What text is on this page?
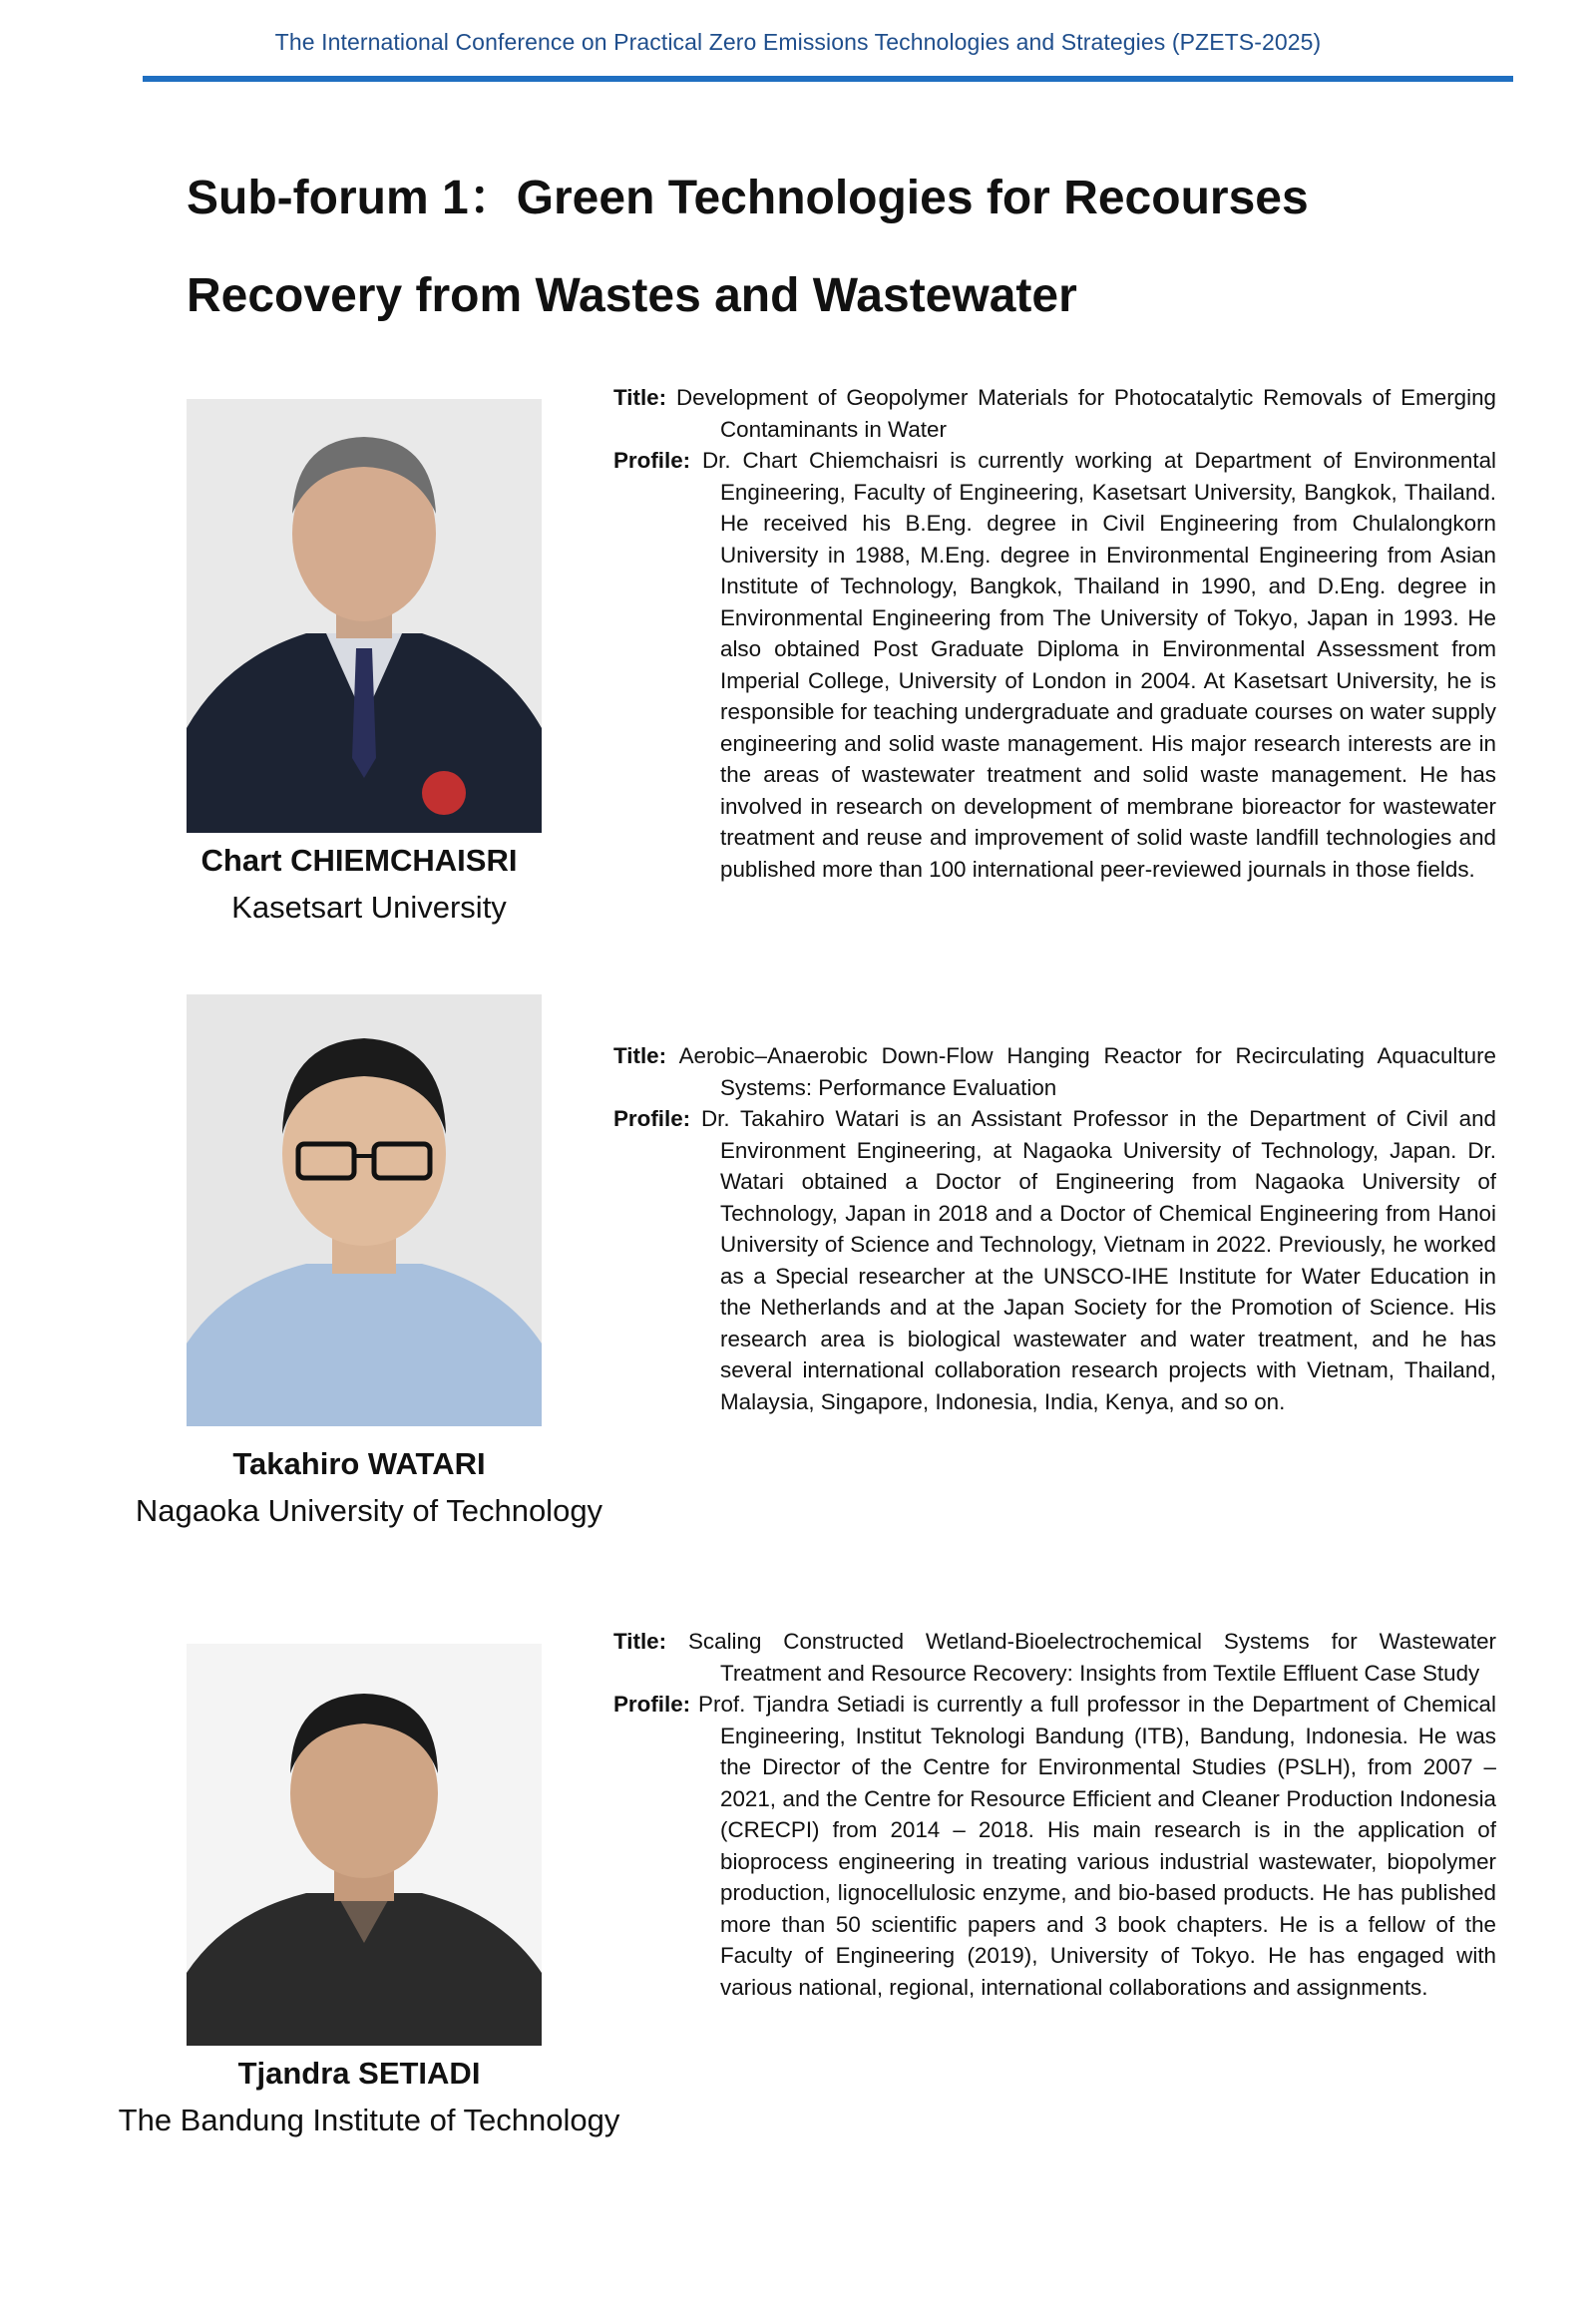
The International Conference on Practical Zero Emissions Technologies and Strategies (PZETS-2025)
Sub-forum 1：Green Technologies for Recourses Recovery from Wastes and Wastewater
Chart CHIEMCHAISRI
Kasetsart University

Title: Development of Geopolymer Materials for Photocatalytic Removals of Emerging Contaminants in Water

Profile: Dr. Chart Chiemchaisri is currently working at Department of Environmental Engineering, Faculty of Engineering, Kasetsart University, Bangkok, Thailand. He received his B.Eng. degree in Civil Engineering from Chulalongkorn University in 1988, M.Eng. degree in Environmental Engineering from Asian Institute of Technology, Bangkok, Thailand in 1990, and D.Eng. degree in Environmental Engineering from The University of Tokyo, Japan in 1993. He also obtained Post Graduate Diploma in Environmental Assessment from Imperial College, University of London in 2004. At Kasetsart University, he is responsible for teaching undergraduate and graduate courses on water supply engineering and solid waste management. His major research interests are in the areas of wastewater treatment and solid waste management. He has involved in research on development of membrane bioreactor for wastewater treatment and reuse and improvement of solid waste landfill technologies and published more than 100 international peer-reviewed journals in those fields.

Takahiro WATARI
Nagaoka University of Technology

Title: Aerobic–Anaerobic Down-Flow Hanging Reactor for Recirculating Aquaculture Systems: Performance Evaluation

Profile: Dr. Takahiro Watari is an Assistant Professor in the Department of Civil and Environment Engineering, at Nagaoka University of Technology, Japan. Dr. Watari obtained a Doctor of Engineering from Nagaoka University of Technology, Japan in 2018 and a Doctor of Chemical Engineering from Hanoi University of Science and Technology, Vietnam in 2022. Previously, he worked as a Special researcher at the UNSCO-IHE Institute for Water Education in the Netherlands and at the Japan Society for the Promotion of Science. His research area is biological wastewater and water treatment, and he has several international collaboration research projects with Vietnam, Thailand, Malaysia, Singapore, Indonesia, India, Kenya, and so on.

Tjandra SETIADI
The Bandung Institute of Technology

Title: Scaling Constructed Wetland-Bioelectrochemical Systems for Wastewater Treatment and Resource Recovery: Insights from Textile Effluent Case Study

Profile: Prof. Tjandra Setiadi is currently a full professor in the Department of Chemical Engineering, Institut Teknologi Bandung (ITB), Bandung, Indonesia. He was the Director of the Centre for Environmental Studies (PSLH), from 2007 – 2021, and the Centre for Resource Efficient and Cleaner Production Indonesia (CRECPI) from 2014 – 2018. His main research is in the application of bioprocess engineering in treating various industrial wastewater, biopolymer production, lignocellulosic enzyme, and bio-based products. He has published more than 50 scientific papers and 3 book chapters. He is a fellow of the Faculty of Engineering (2019), University of Tokyo. He has engaged with various national, regional, international collaborations and assignments.
